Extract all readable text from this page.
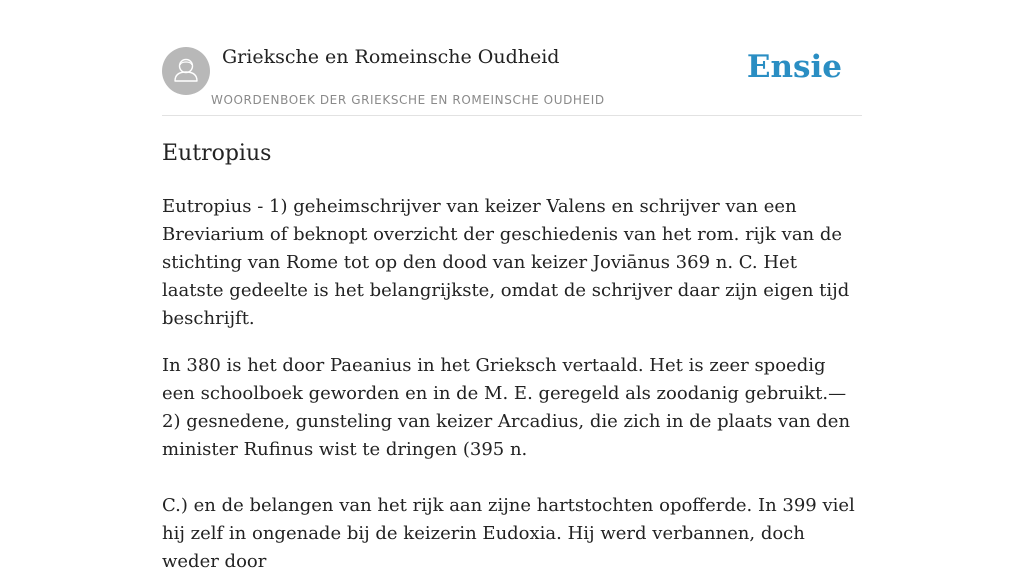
Grieksche en Romeinsche Oudheid
WOORDENBOEK DER GRIEKSCHE EN ROMEINSCHE OUDHEID
Ensie
Eutropius

Eutropius - 1) geheimschrijver van keizer Valens en schrijver van een Breviarium of beknopt overzicht der geschiedenis van het rom. rijk van de stichting van Rome tot op den dood van keizer Joviānus 369 n. C. Het laatste gedeelte is het belangrijkste, omdat de schrijver daar zijn eigen tijd beschrijft.

In 380 is het door Paeanius in het Grieksch vertaald. Het is zeer spoedig een schoolboek geworden en in de M. E. geregeld als zoodanig gebruikt.—2) gesnedene, gunsteling van keizer Arcadius, die zich in de plaats van den minister Rufinus wist te dringen (395 n.

C.) en de belangen van het rijk aan zijne hartstochten opofferde. In 399 viel hij zelf in ongenade bij de keizerin Eudoxia. Hij werd verbannen, doch weder door
